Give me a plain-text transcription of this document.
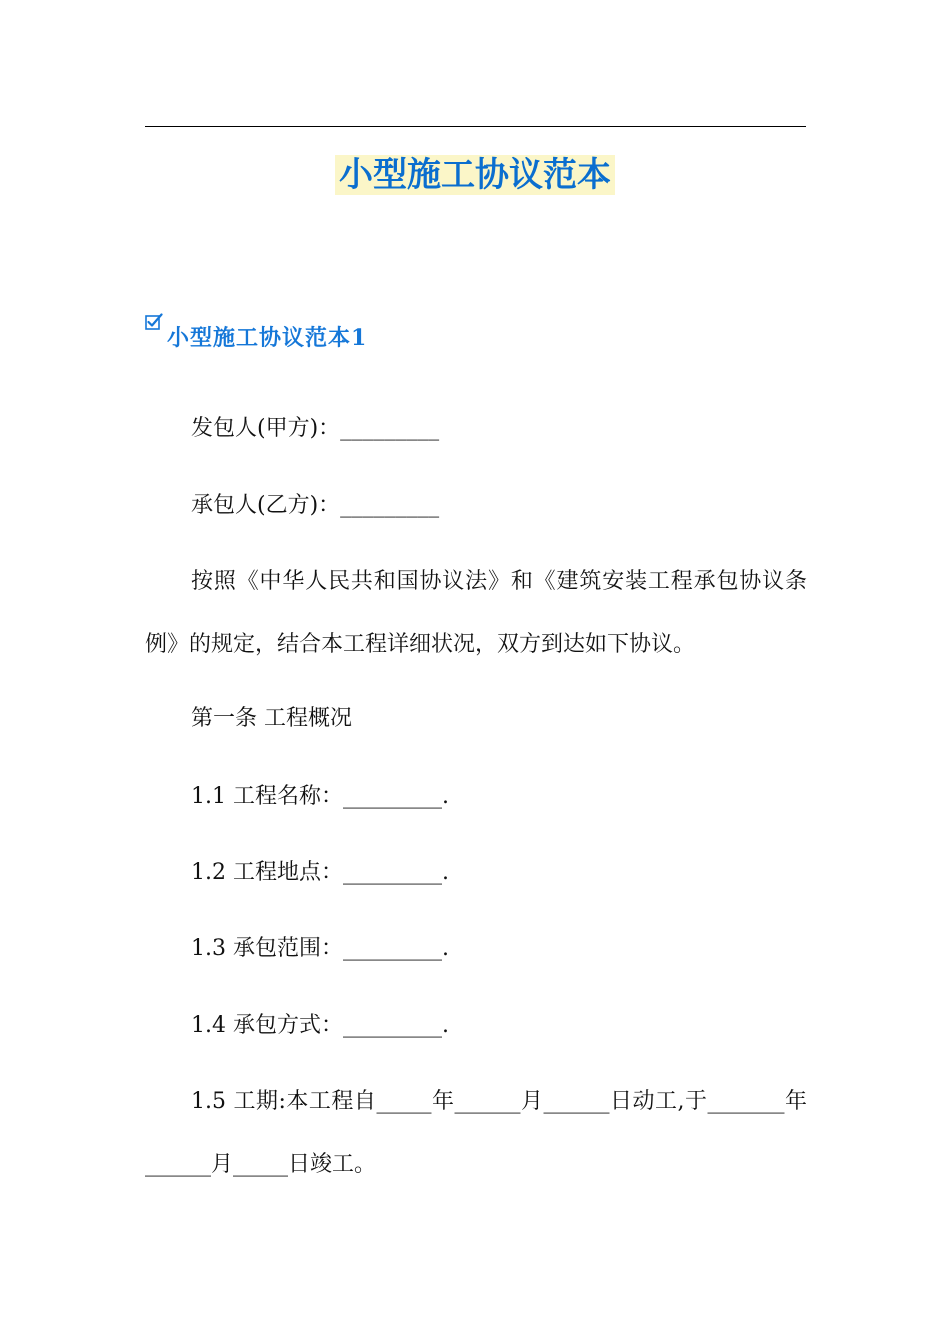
小型施工协议范本
小型施工协议范本1

发包人(甲方)：_________

承包人(乙方)：_________

按照《中华人民共和国协议法》和《建筑安装工程承包协议条例》的规定，结合本工程详细状况，双方到达如下协议。

第一条 工程概况

1.1 工程名称：_________.

1.2 工程地点：_________.

1.3 承包范围：_________.

1.4 承包方式：_________.

1.5 工期:本工程自_____年______月______日动工,于_______年______月_____日竣工。
